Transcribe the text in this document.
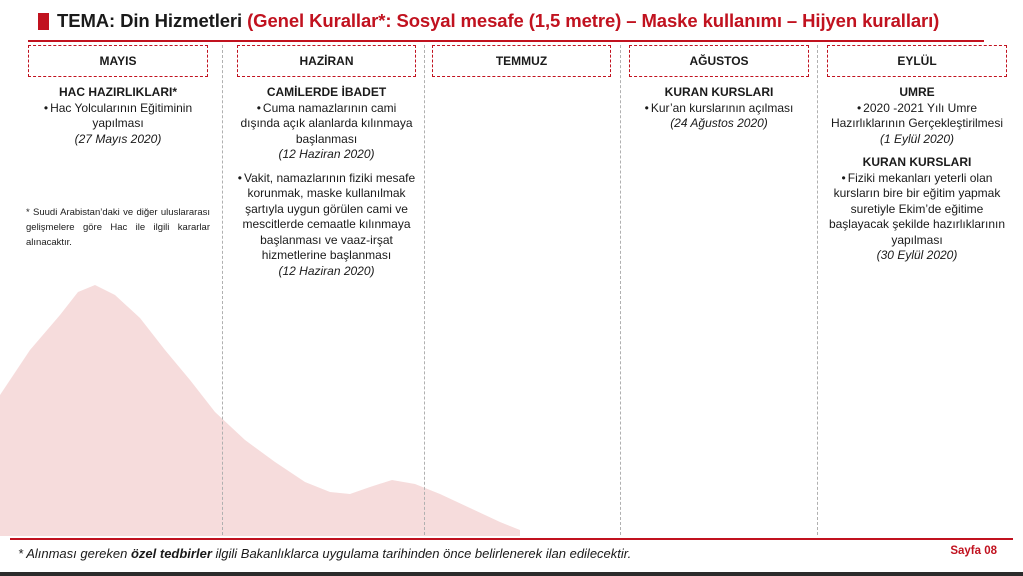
TEMA: Din Hizmetleri (Genel Kurallar*: Sosyal mesafe (1,5 metre) – Maske kullanımı – Hijyen kuralları)
MAYIS
HAC HAZIRLIKLARI*
• Hac Yolcularının Eğitiminin yapılması
(27 Mayıs 2020)
* Suudi Arabistan’daki ve diğer uluslararası gelişmelere göre Hac ile ilgili kararlar alınacaktır.
HAZİRAN
CAMİLERDE İBADET
• Cuma namazlarının cami dışında açık alanlarda kılınmaya başlanması
(12 Haziran 2020)
• Vakit, namazlarının fiziki mesafe korunmak, maske kullanılmak şartıyla uygun görülen cami ve mescitlerde cemaatle kılınmaya başlanması ve vaaz-irşat hizmetlerine başlanması
(12 Haziran 2020)
TEMMUZ	AĞUSTOS
KURAN KURSLARI
• Kur’an kurslarının açılması
(24 Ağustos 2020)
EYLÜL
UMRE
• 2020 -2021 Yılı Umre Hazırlıklarının Gerçekleştirilmesi
(1 Eylül 2020)
KURAN KURSLARI
• Fiziki mekanları yeterli olan kursların bire bir eğitim yapmak suretiyle Ekim’de eğitime başlayacak şekilde hazırlıklarının yapılması
(30 Eylül 2020)
* Alınması gereken özel tedbirler ilgili Bakanlıklarca uygulama tarihinden önce belirlenerek ilan edilecektir.	Sayfa 08
